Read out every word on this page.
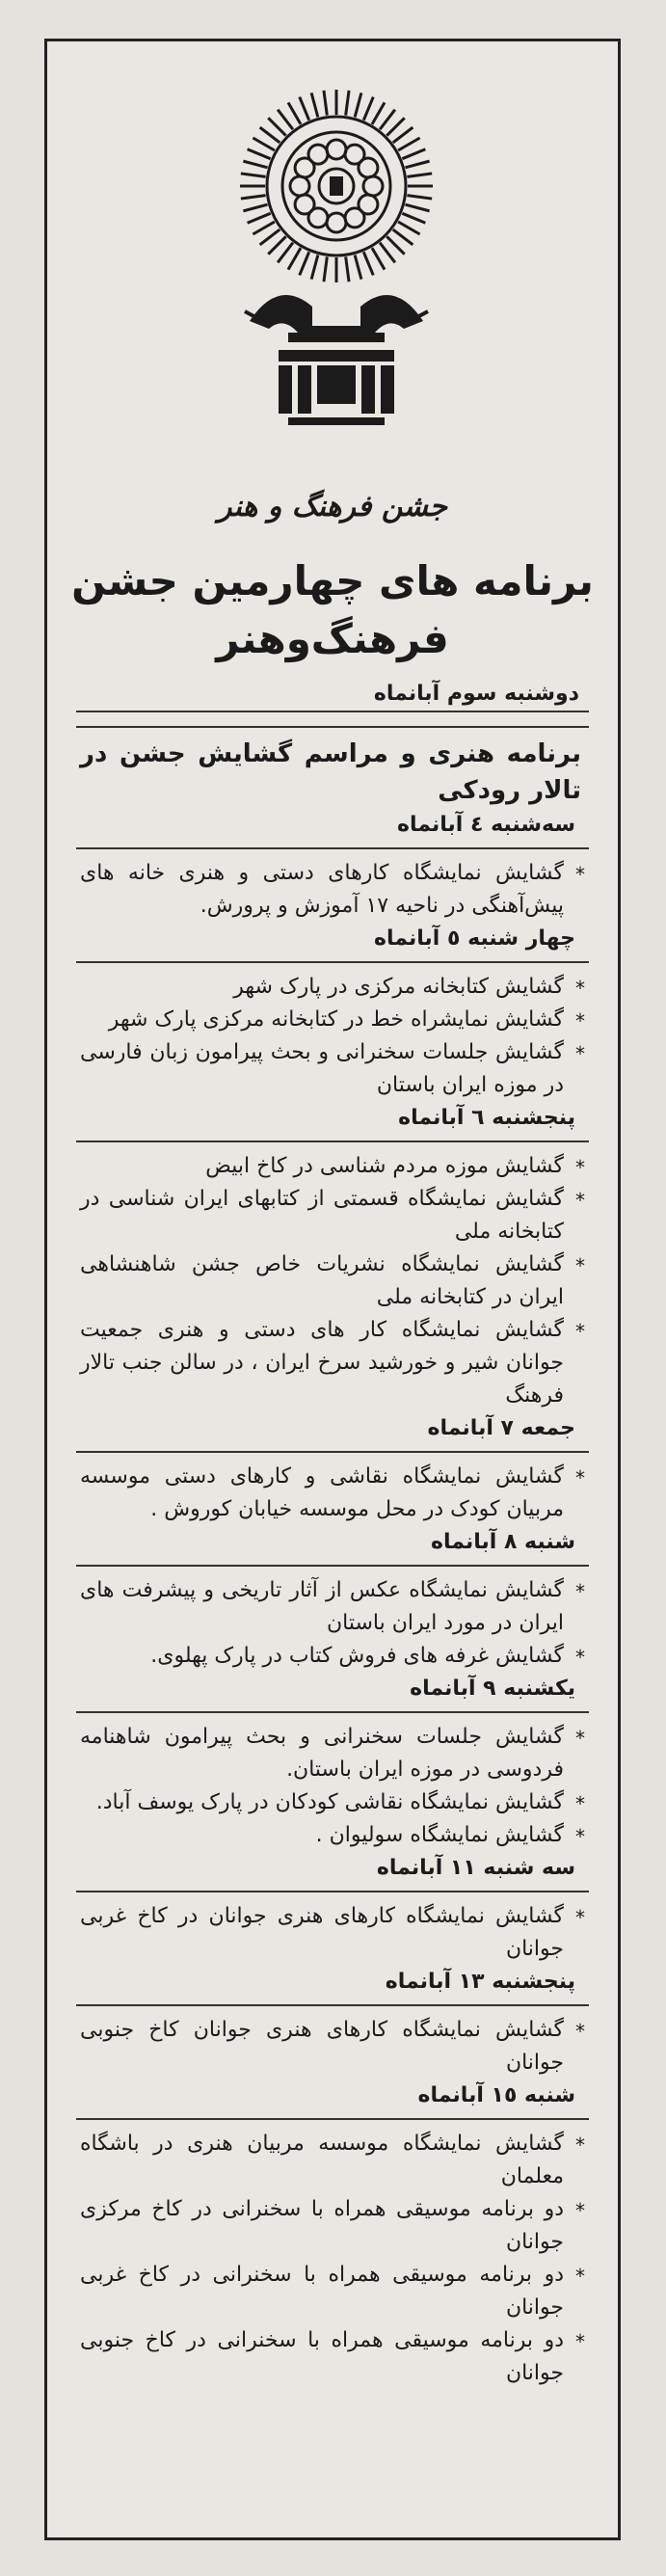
جشن فرهنگ و هنر
برنامه های چهارمین جشن
فرهنگ‌وهنر
دوشنبه سوم آبانماه
برنامه هنری و مراسم گشایش جشن در تالار رودکی
سه‌شنبه ٤ آبانماه
*
گشایش نمایشگاه کارهای دستی و هنری خانه های پیش‌آهنگی در ناحیه ١٧ آموزش و پرورش.
چهار شنبه ٥ آبانماه
*
گشایش کتابخانه مرکزی در پارک شهر
*
گشایش نمایشراه خط در کتابخانه مرکزی پارک شهر
*
گشایش جلسات سخنرانی و بحث پیرامون زبان فارسی در موزه ایران باستان
پنجشنبه ٦ آبانماه
*
گشایش موزه مردم شناسی در کاخ ابیض
*
گشایش نمایشگاه قسمتی از کتابهای ایران شناسی در کتابخانه ملی
*
گشایش نمایشگاه نشریات خاص جشن شاهنشاهی ایران در کتابخانه ملی
*
گشایش نمایشگاه کار های دستی و هنری جمعیت جوانان شیر و خورشید سرخ ایران ، در سالن جنب تالار فرهنگ
جمعه ٧ آبانماه
*
گشایش نمایشگاه نقاشی و کارهای دستی موسسه مربیان کودک در محل موسسه خیابان کوروش .
شنبه ٨ آبانماه
*
گشایش نمایشگاه عکس از آثار تاریخی و پیشرفت های ایران در مورد ایران باستان
*
گشایش غرفه های فروش کتاب در پارک پهلوی.
یکشنبه ٩ آبانماه
*
گشایش جلسات سخنرانی و بحث پیرامون شاهنامه فردوسی در موزه ایران باستان.
*
گشایش نمایشگاه نقاشی کودکان در پارک یوسف آباد.
*
گشایش نمایشگاه سولیوان .
سه شنبه ١١ آبانماه
*
گشایش نمایشگاه کارهای هنری جوانان در کاخ غربی جوانان
پنجشنبه ١٣ آبانماه
*
گشایش نمایشگاه کارهای هنری جوانان کاخ جنوبی جوانان
شنبه ١٥ آبانماه
*
گشایش نمایشگاه موسسه مربیان هنری در باشگاه معلمان
*
دو برنامه موسیقی همراه با سخنرانی در کاخ مرکزی جوانان
*
دو برنامه موسیقی همراه با سخنرانی در کاخ غربی جوانان
*
دو برنامه موسیقی همراه با سخنرانی در کاخ جنوبی جوانان
